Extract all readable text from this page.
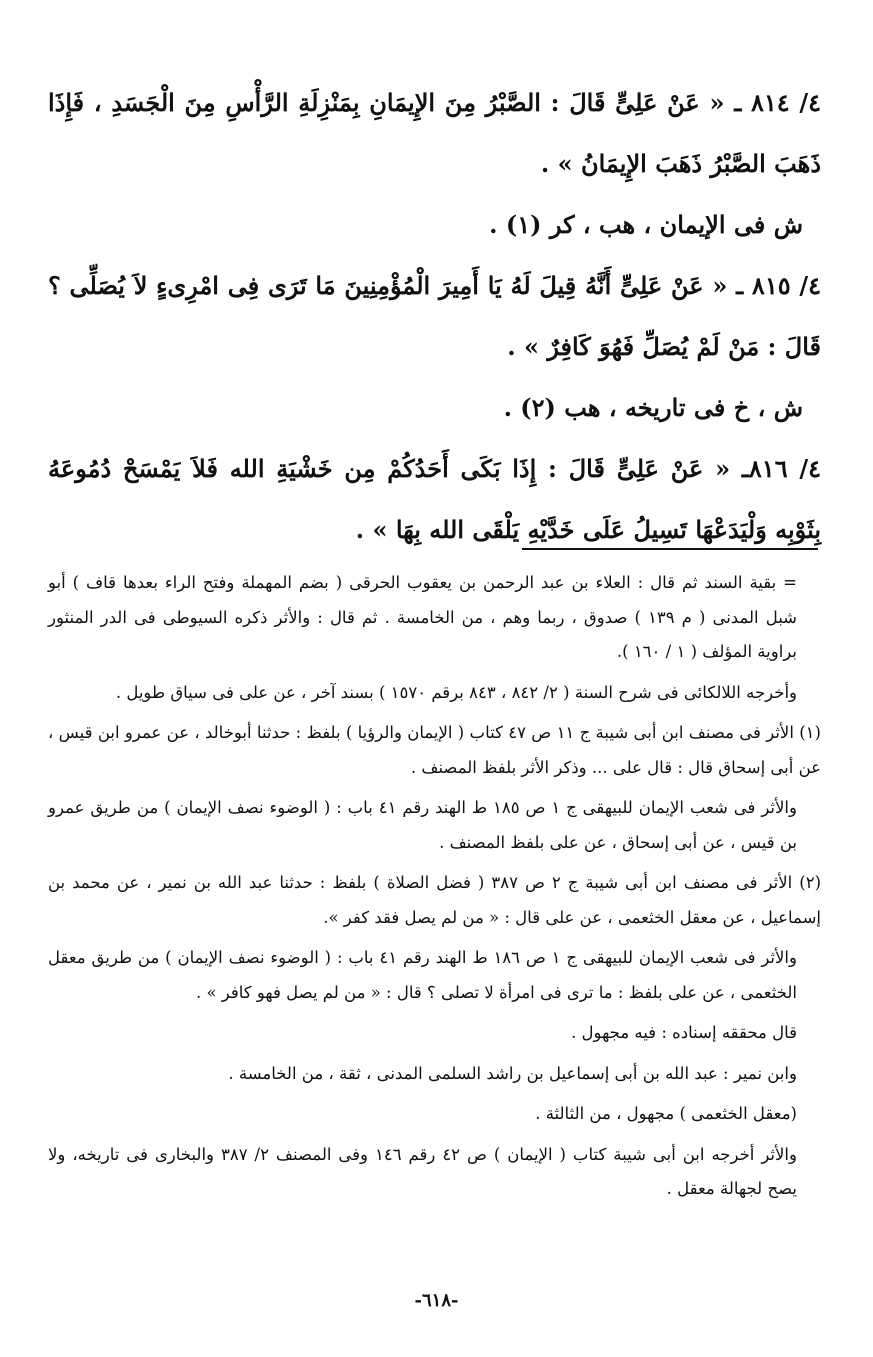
٤/ ٨١٤ ـ « عَنْ عَلِىٍّ قَالَ : الصَّبْرُ مِنَ الإِيمَانِ بِمَنْزِلَةِ الرَّأْسِ مِنَ الْجَسَدِ ، فَإِذَا ذَهَبَ الصَّبْرُ ذَهَبَ الإِيمَانُ » .

ش فى الإيمان ، هب ، كر (١) .

٤/ ٨١٥ ـ « عَنْ عَلِىٍّ أَنَّهُ قِيلَ لَهُ يَا أَمِيرَ الْمُؤْمِنِينَ مَا تَرَى فِى امْرِىءٍ لاَ يُصَلِّى ؟ قَالَ : مَنْ لَمْ يُصَلِّ فَهُوَ كَافِرٌ » .

ش ، خ فى تاريخه ، هب (٢) .

٤/ ٨١٦ـ « عَنْ عَلِىٍّ قَالَ : إِذَا بَكَى أَحَدُكُمْ مِن خَشْيَةِ الله فَلاَ يَمْسَحْ دُمُوعَهُ بِثَوْبِه وَلْيَدَعْهَا تَسِيلُ عَلَى خَدَّيْهِ يَلْقَى الله بِهَا » .

= بقية السند ثم قال : العلاء بن عبد الرحمن بن يعقوب الحرقى ( بضم المهملة وفتح الراء بعدها قاف ) أبو شبل المدنى ( م ١٣٩ ) صدوق ، ربما وهم ، من الخامسة . ثم قال : والأثر ذكره السيوطى فى الدر المنثور براوية المؤلف ( ١ / ١٦٠ ).

وأخرجه اللالكائى فى شرح السنة ( ٢/ ٨٤٢ ، ٨٤٣ برقم ١٥٧٠ ) بسند آخر ، عن على فى سياق طويل .

(١) الأثر فى مصنف ابن أبى شيبة ج ١١ ص ٤٧ كتاب ( الإيمان والرؤيا ) بلفظ : حدثنا أبوخالد ، عن عمرو ابن قيس ، عن أبى إسحاق قال : قال على ... وذكر الأثر بلفظ المصنف .

والأثر فى شعب الإيمان للبيهقى ج ١ ص ١٨٥ ط الهند رقم ٤١ باب : ( الوضوء نصف الإيمان ) من طريق عمرو بن قيس ، عن أبى إسحاق ، عن على بلفظ المصنف .

(٢) الأثر فى مصنف ابن أبى شيبة ج ٢ ص ٣٨٧ ( فضل الصلاة ) بلفظ : حدثنا عبد الله بن نمير ، عن محمد بن إسماعيل ، عن معقل الخثعمى ، عن على قال : « من لم يصل فقد كفر ».

والأثر فى شعب الإيمان للبيهقى ج ١ ص ١٨٦ ط الهند رقم ٤١ باب : ( الوضوء نصف الإيمان ) من طريق معقل الخثعمى ، عن على بلفظ : ما ترى فى امرأة لا تصلى ؟ قال : « من لم يصل فهو كافر » .

قال محققه إسناده : فيه مجهول .

وابن نمير : عبد الله بن أبى إسماعيل بن راشد السلمى المدنى ، ثقة ، من الخامسة .

(معقل الخثعمى ) مجهول ، من الثالثة .

والأثر أخرجه ابن أبى شيبة كتاب ( الإيمان ) ص ٤٢ رقم ١٤٦ وفى المصنف ٢/ ٣٨٧ والبخارى فى تاريخه، ولا يصح لجهالة معقل .

-٦١٨-
